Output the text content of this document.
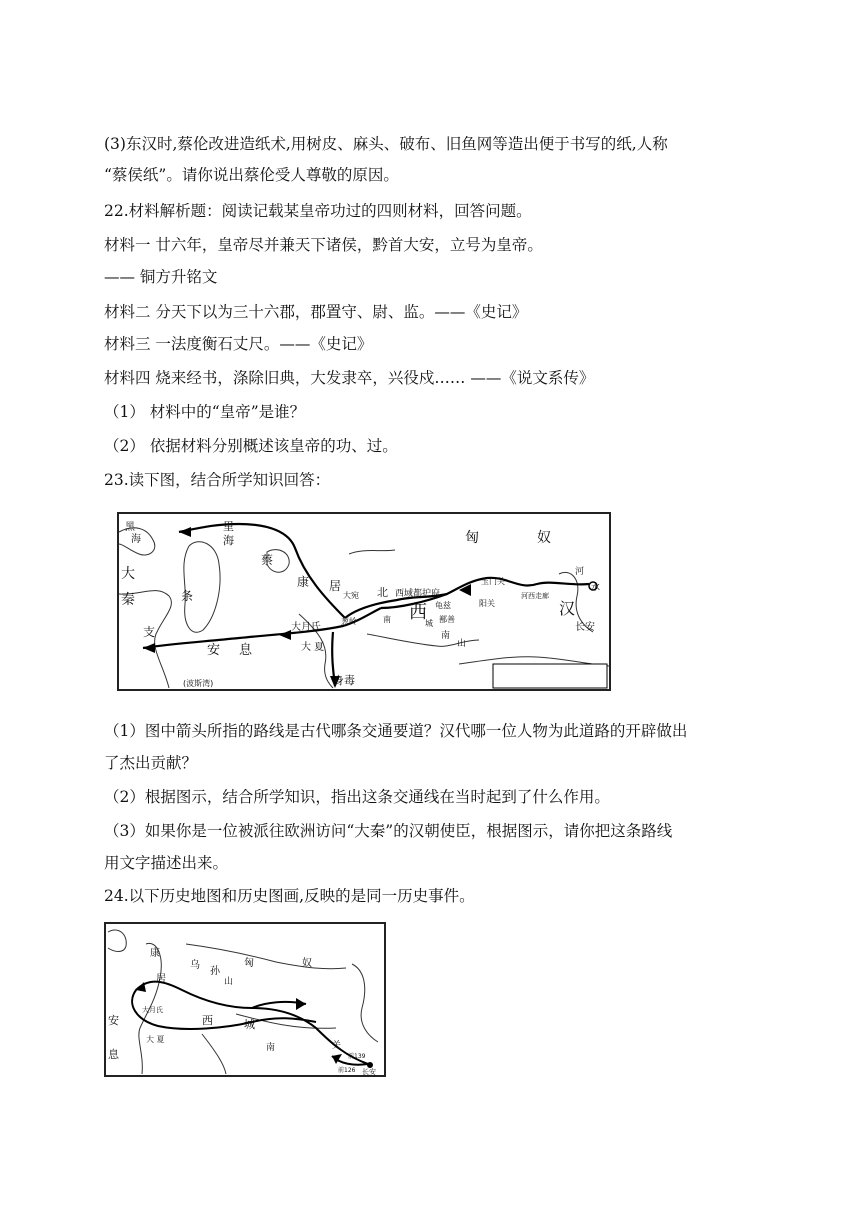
(3)东汉时,蔡伦改进造纸术,用树皮、麻头、破布、旧鱼网等造出便于书写的纸,人称
“蔡侯纸”。请你说出蔡伦受人尊敬的原因。
22.材料解析题：阅读记载某皇帝功过的四则材料，回答问题。
材料一 廿六年，皇帝尽并兼天下诸侯，黔首大安，立号为皇帝。
—— 铜方升铭文
材料二 分天下以为三十六郡，郡置守、尉、监。——《史记》
材料三 一法度衡石丈尺。——《史记》
材料四 烧来经书，涤除旧典，大发隶卒，兴役戍…… ——《说文系传》
（1） 材料中的“皇帝”是谁？
（2） 依据材料分别概述该皇帝的功、过。
23.读下图，结合所学知识回答：
匈	奴
黑
海
里
海
蔡
康 居
大宛 北
大
秦	条
支
安 息
大月氏
大 夏
葱岭
身毒
西
西域都护府
龟兹
鄯善
南	城
玉门关
阳关
河西走廊
汉
长安
河
水
南
山
(波斯湾)
（1）图中箭头所指的路线是古代哪条交通要道？汉代哪一位人物为此道路的开辟做出
了杰出贡献？
（2）根据图示，结合所学知识，指出这条交通线在当时起到了什么作用。
（3）如果你是一位被派往欧洲访问“大秦”的汉朝使臣，根据图示，请你把这条路线
用文字描述出来。
24.以下历史地图和历史图画,反映的是同一历史事件。
匈	奴
康
居
乌
孙
山
安
息
大月氏
大 夏
西	城
南	关
前139
前126 长安
